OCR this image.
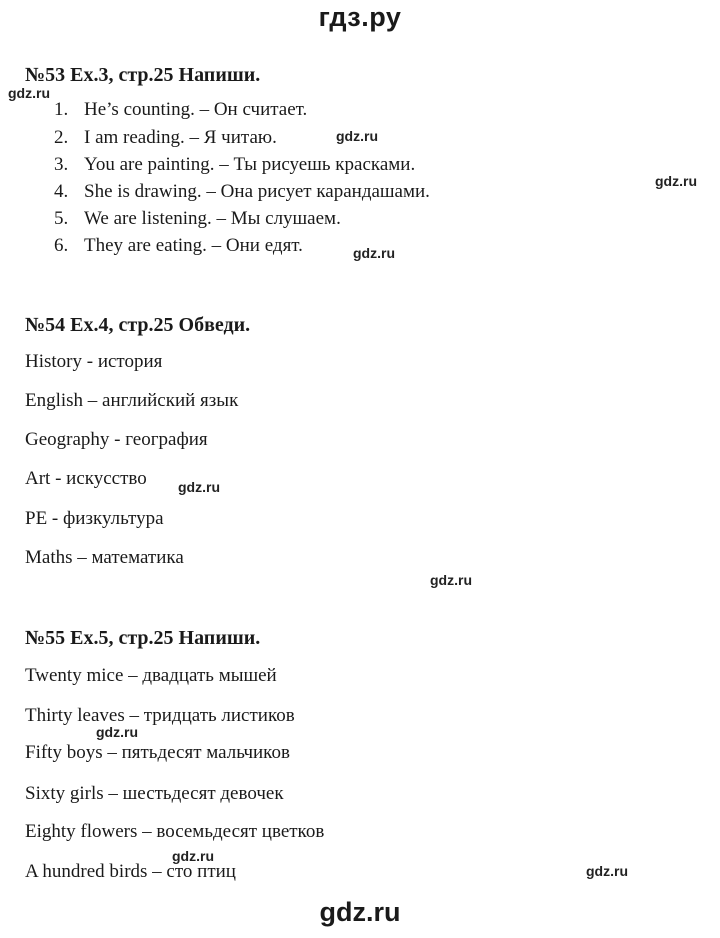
гдз.ру
№53 Ex.3, стр.25 Напиши.
gdz.ru
1. He’s counting. – Он считает.
2. I am reading. – Я читаю.	gdz.ru
3. You are painting. – Ты рисуешь красками.
gdz.ru
4. She is drawing. – Она рисует карандашами.
5. We are listening. – Мы слушаем.
6. They are eating. – Они едят.	gdz.ru
№54 Ex.4, стр.25 Обведи.
History - история
English – английский язык
Geography - география
Art - искусство gdz.ru
PE - физкультура
Maths – математика
gdz.ru
№55 Ex.5, стр.25 Напиши.
Twenty mice – двадцать мышей
Thirty leaves – тридцать листиков
gdz.ru
Fifty boys – пятьдесят мальчиков
Sixty girls – шестьдесят девочек
Eighty flowers – восемьдесят цветков
gdz.ru
A hundred birds – сто птиц	gdz.ru
gdz.ru
